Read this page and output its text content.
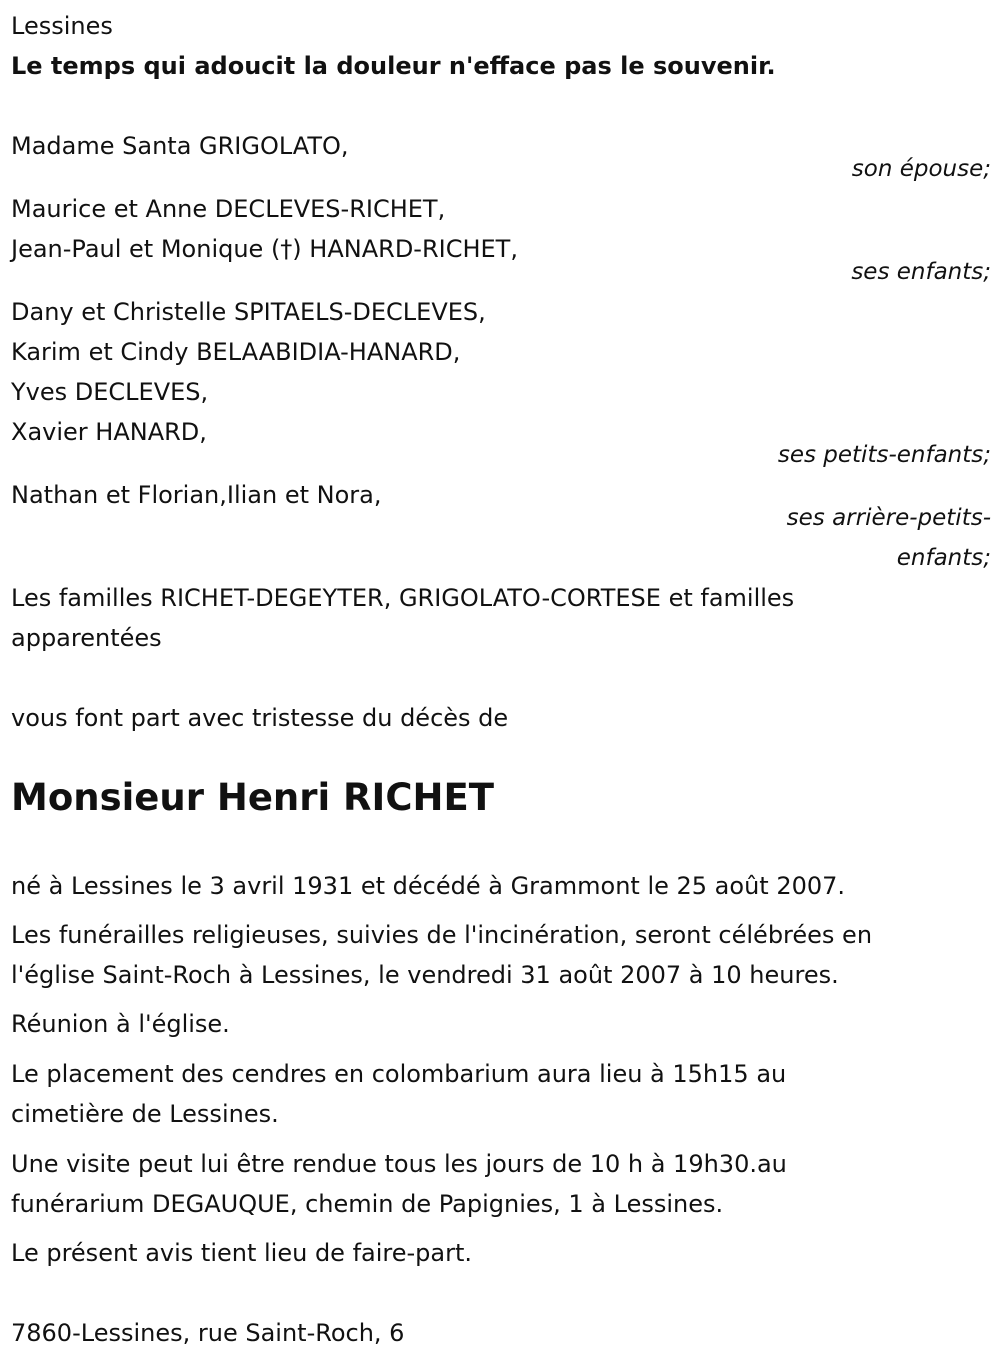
Lessines

Le temps qui adoucit la douleur n'efface pas le souvenir.

Madame Santa GRIGOLATO,

son épouse;

Maurice et Anne DECLEVES-RICHET,

Jean-Paul et Monique (†) HANARD-RICHET,

ses enfants;

Dany et Christelle SPITAELS-DECLEVES,

Karim et Cindy BELAABIDIA-HANARD,

Yves DECLEVES,

Xavier HANARD,

ses petits-enfants;

Nathan et Florian,Ilian et Nora,

ses arrière-petits-
enfants;

Les familles RICHET-DEGEYTER, GRIGOLATO-CORTESE et familles

apparentées

vous font part avec tristesse du décès de

Monsieur Henri RICHET

né à Lessines le 3 avril 1931 et décédé à Grammont le 25 août 2007.

Les funérailles religieuses, suivies de l'incinération, seront célébrées en

l'église Saint-Roch à Lessines, le vendredi 31 août 2007 à 10 heures.

Réunion à l'église.

Le placement des cendres en colombarium aura lieu à 15h15 au

cimetière de Lessines.

Une visite peut lui être rendue tous les jours de 10 h à 19h30.au

funérarium DEGAUQUE, chemin de Papignies, 1 à Lessines.

Le présent avis tient lieu de faire-part.

7860-Lessines, rue Saint-Roch, 6
